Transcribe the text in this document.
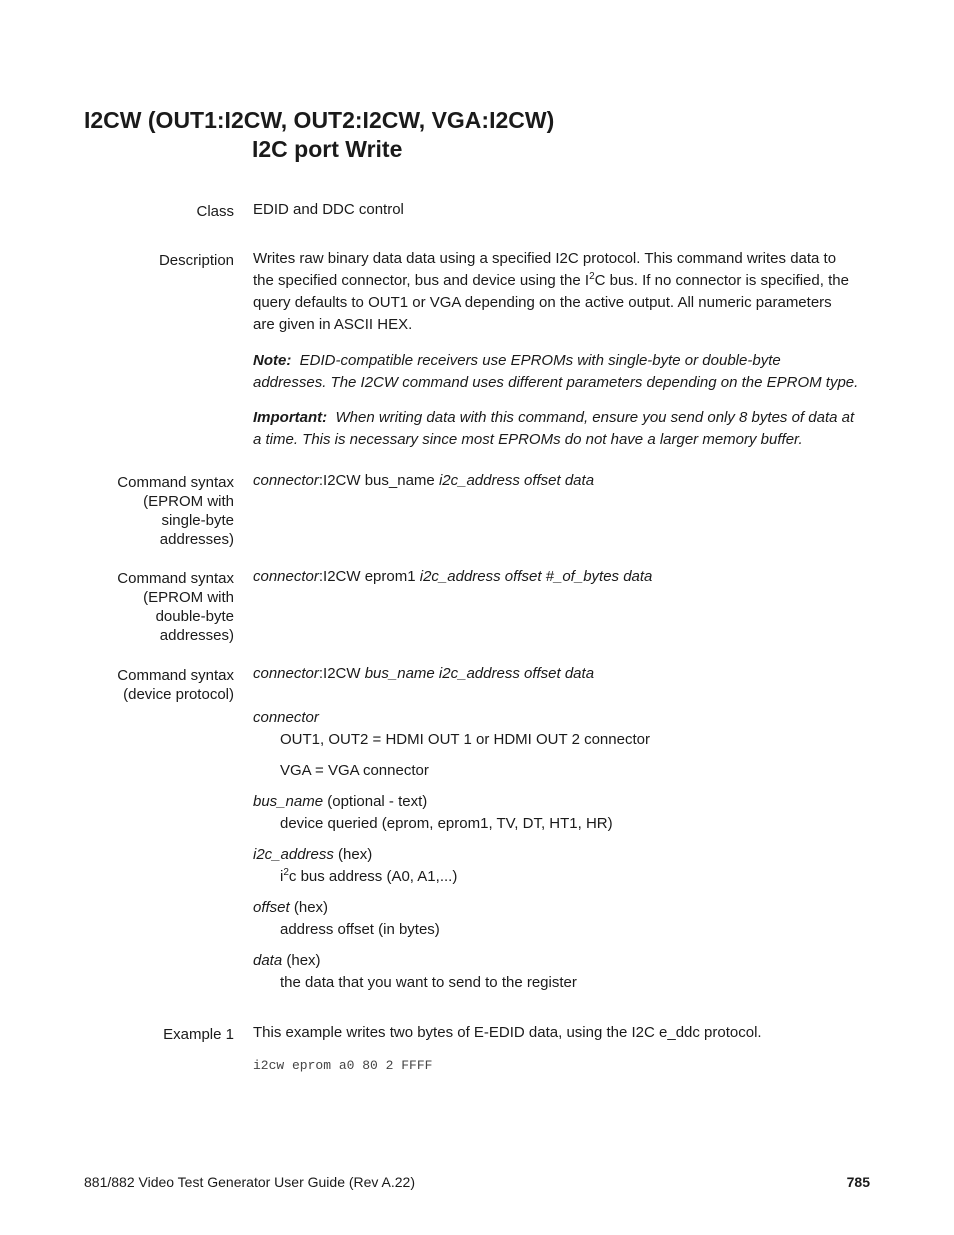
I2CW (OUT1:I2CW, OUT2:I2CW, VGA:I2CW)
I2C port Write
Class EDID and DDC control
Description Writes raw binary data data using a specified I2C protocol. This command writes data to
the specified connector, bus and device using the $I^2C$ bus. If no connector is specified, the
query defaults to OUT1 or VGA depending on the active output. All numeric parameters
are given in ASCII HEX.
Note: EDID-compatible receivers use EPROMs with single-byte or double-byte
addresses. The I2CW command uses different parameters depending on the EPROM type.
Important: When writing data with this command, ensure you send only 8 bytes of data at
a time. This is necessary since most EPROMs do not have a larger memory buffer.
Command syntax
(EPROM with
single-byte
addresses)
connector:I2CW bus_name i2c_address offset data
Command syntax
(EPROM with
double-byte
addresses)
connector:I2CW eprom1 i2c_address offset #_of_bytes data
Command syntax
(device protocol)
connector:I2CW bus_name i2c_address offset data
connector
OUT1, OUT2 = HDMI OUT 1 or HDMI OUT 2 connector
VGA = VGA connector
bus_name (optional - text)
device queried (eprom, eprom1, TV, DT, HT1, HR)
i2c_address (hex)
$i^2c$ bus address (A0, A1,...)
offset (hex)
address offset (in bytes)
data (hex)
the data that you want to send to the register
Example 1 This example writes two bytes of E-EDID data, using the I2C e_ddc protocol.
i2cw eprom a0 80 2 FFFF
881/882 Video Test Generator User Guide (Rev A.22)	785
